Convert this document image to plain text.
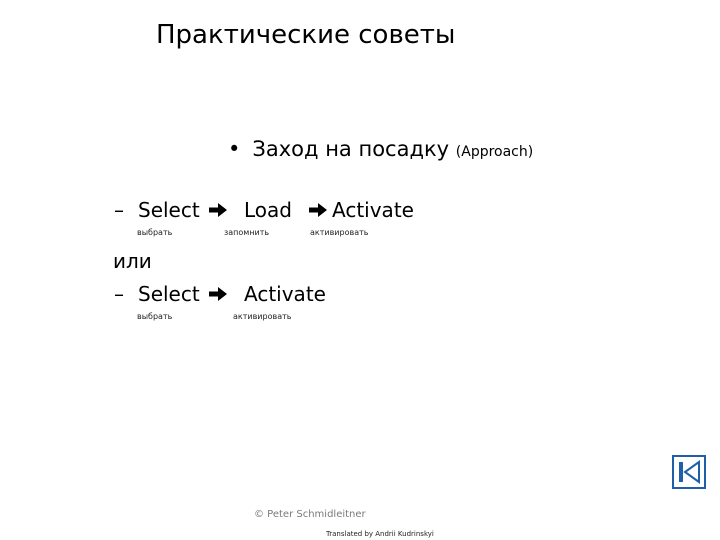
Практические советы
• Заход на посадку (Approach)
– Select Load Activate
выбрать	запомнить	активировать
или
– Select Activate
выбрать	активировать
© Peter Schmidleitner
Translated by Andrii Kudrinskyi
